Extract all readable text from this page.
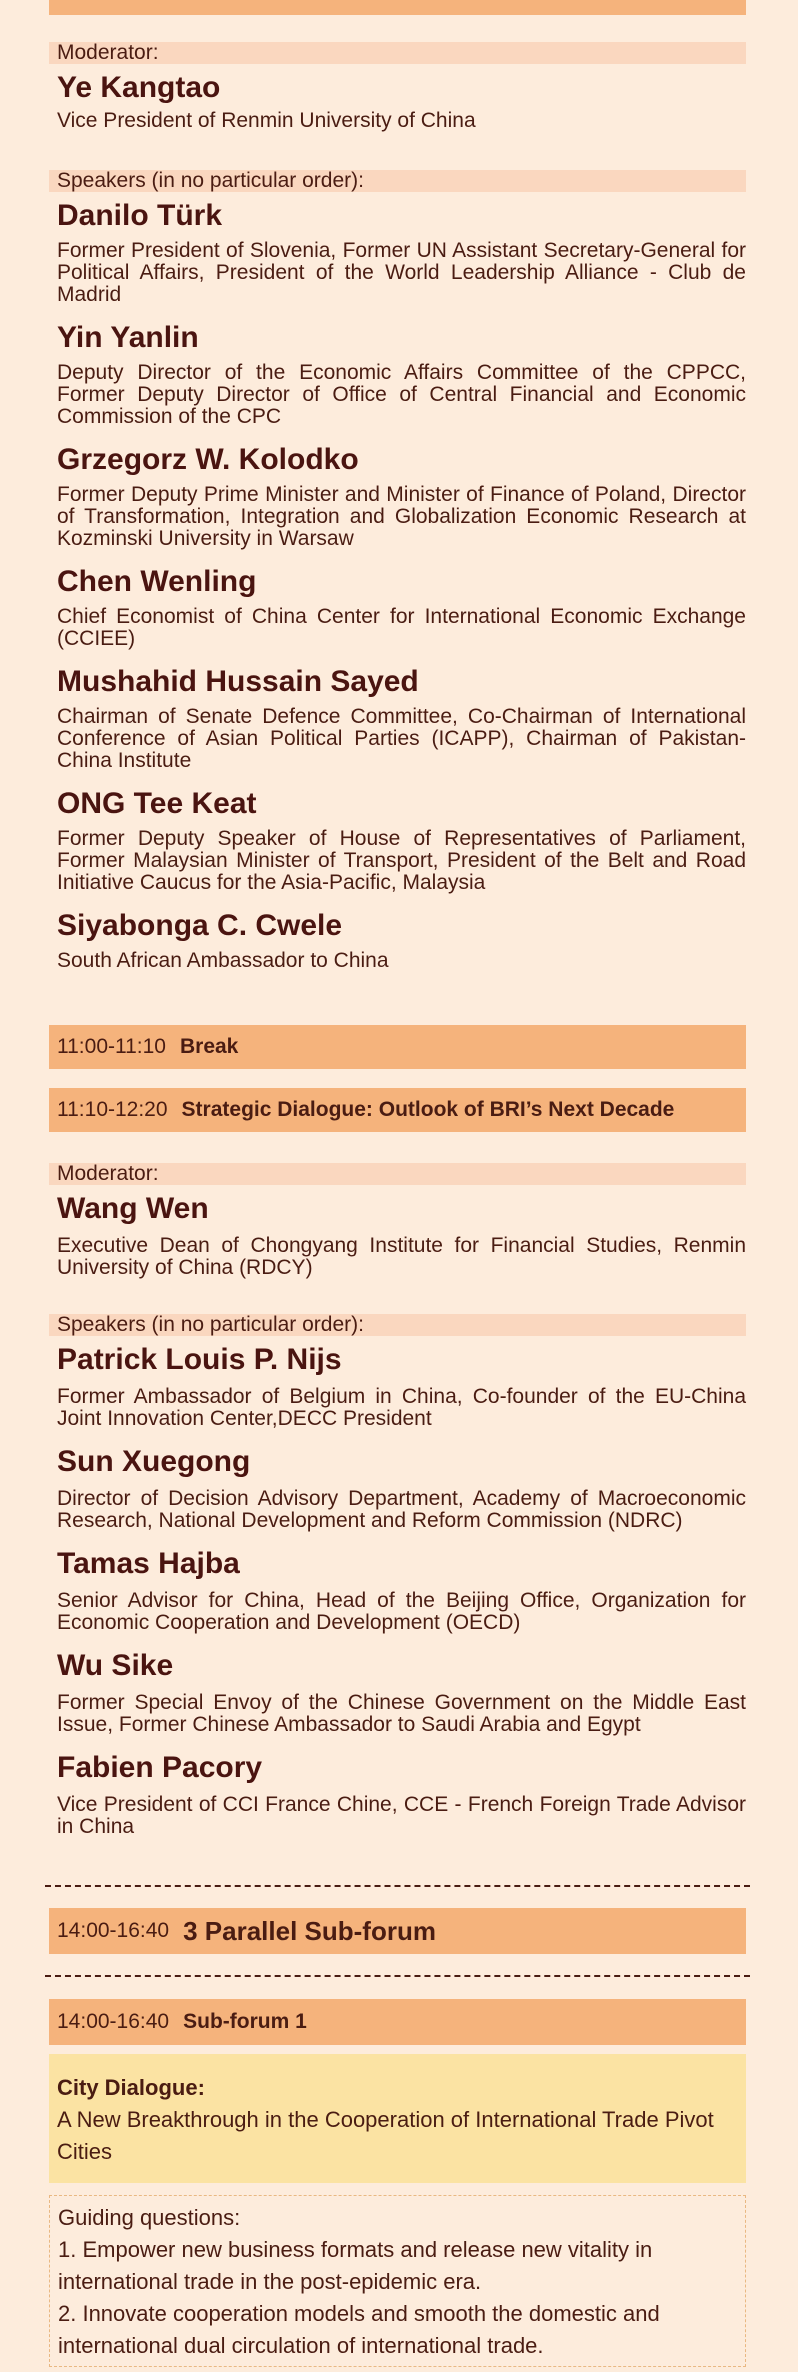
Moderator:
Ye Kangtao
Vice President of Renmin University of China
Speakers (in no particular order):
Danilo Türk
Former President of Slovenia, Former UN Assistant Secretary-General for Political Affairs, President of the World Leadership Alliance - Club de Madrid
Yin Yanlin
Deputy Director of the Economic Affairs Committee of the CPPCC, Former Deputy Director of Office of Central Financial and Economic Commission of the CPC
Grzegorz W. Kolodko
Former Deputy Prime Minister and Minister of Finance of Poland, Director of Transformation, Integration and Globalization Economic Research at Kozminski University in Warsaw
Chen Wenling
Chief Economist of China Center for International Economic Exchange (CCIEE)
Mushahid Hussain Sayed
Chairman of Senate Defence Committee, Co-Chairman of International Conference of Asian Political Parties (ICAPP), Chairman of Pakistan-China Institute
ONG Tee Keat
Former Deputy Speaker of House of Representatives of Parliament, Former Malaysian Minister of Transport, President of the Belt and Road Initiative Caucus for the Asia-Pacific, Malaysia
Siyabonga C. Cwele
South African Ambassador to China
11:00-11:10 Break
11:10-12:20 Strategic Dialogue: Outlook of BRI’s Next Decade
Moderator:
Wang Wen
Executive Dean of Chongyang Institute for Financial Studies, Renmin University of China (RDCY)
Speakers (in no particular order):
Patrick Louis P. Nijs
Former Ambassador of Belgium in China, Co-founder of the EU-China Joint Innovation Center,DECC President
Sun Xuegong
Director of Decision Advisory Department, Academy of Macroeconomic Research, National Development and Reform Commission (NDRC)
Tamas Hajba
Senior Advisor for China, Head of the Beijing Office, Organization for Economic Cooperation and Development (OECD)
Wu Sike
Former Special Envoy of the Chinese Government on the Middle East Issue, Former Chinese Ambassador to Saudi Arabia and Egypt
Fabien Pacory
Vice President of CCI France Chine, CCE - French Foreign Trade Advisor in China
14:00-16:40 3 Parallel Sub-forum
14:00-16:40 Sub-forum 1
City Dialogue:
A New Breakthrough in the Cooperation of International Trade Pivot Cities
Guiding questions:
1. Empower new business formats and release new vitality in international trade in the post-epidemic era.
2. Innovate cooperation models and smooth the domestic and international dual circulation of international trade.
